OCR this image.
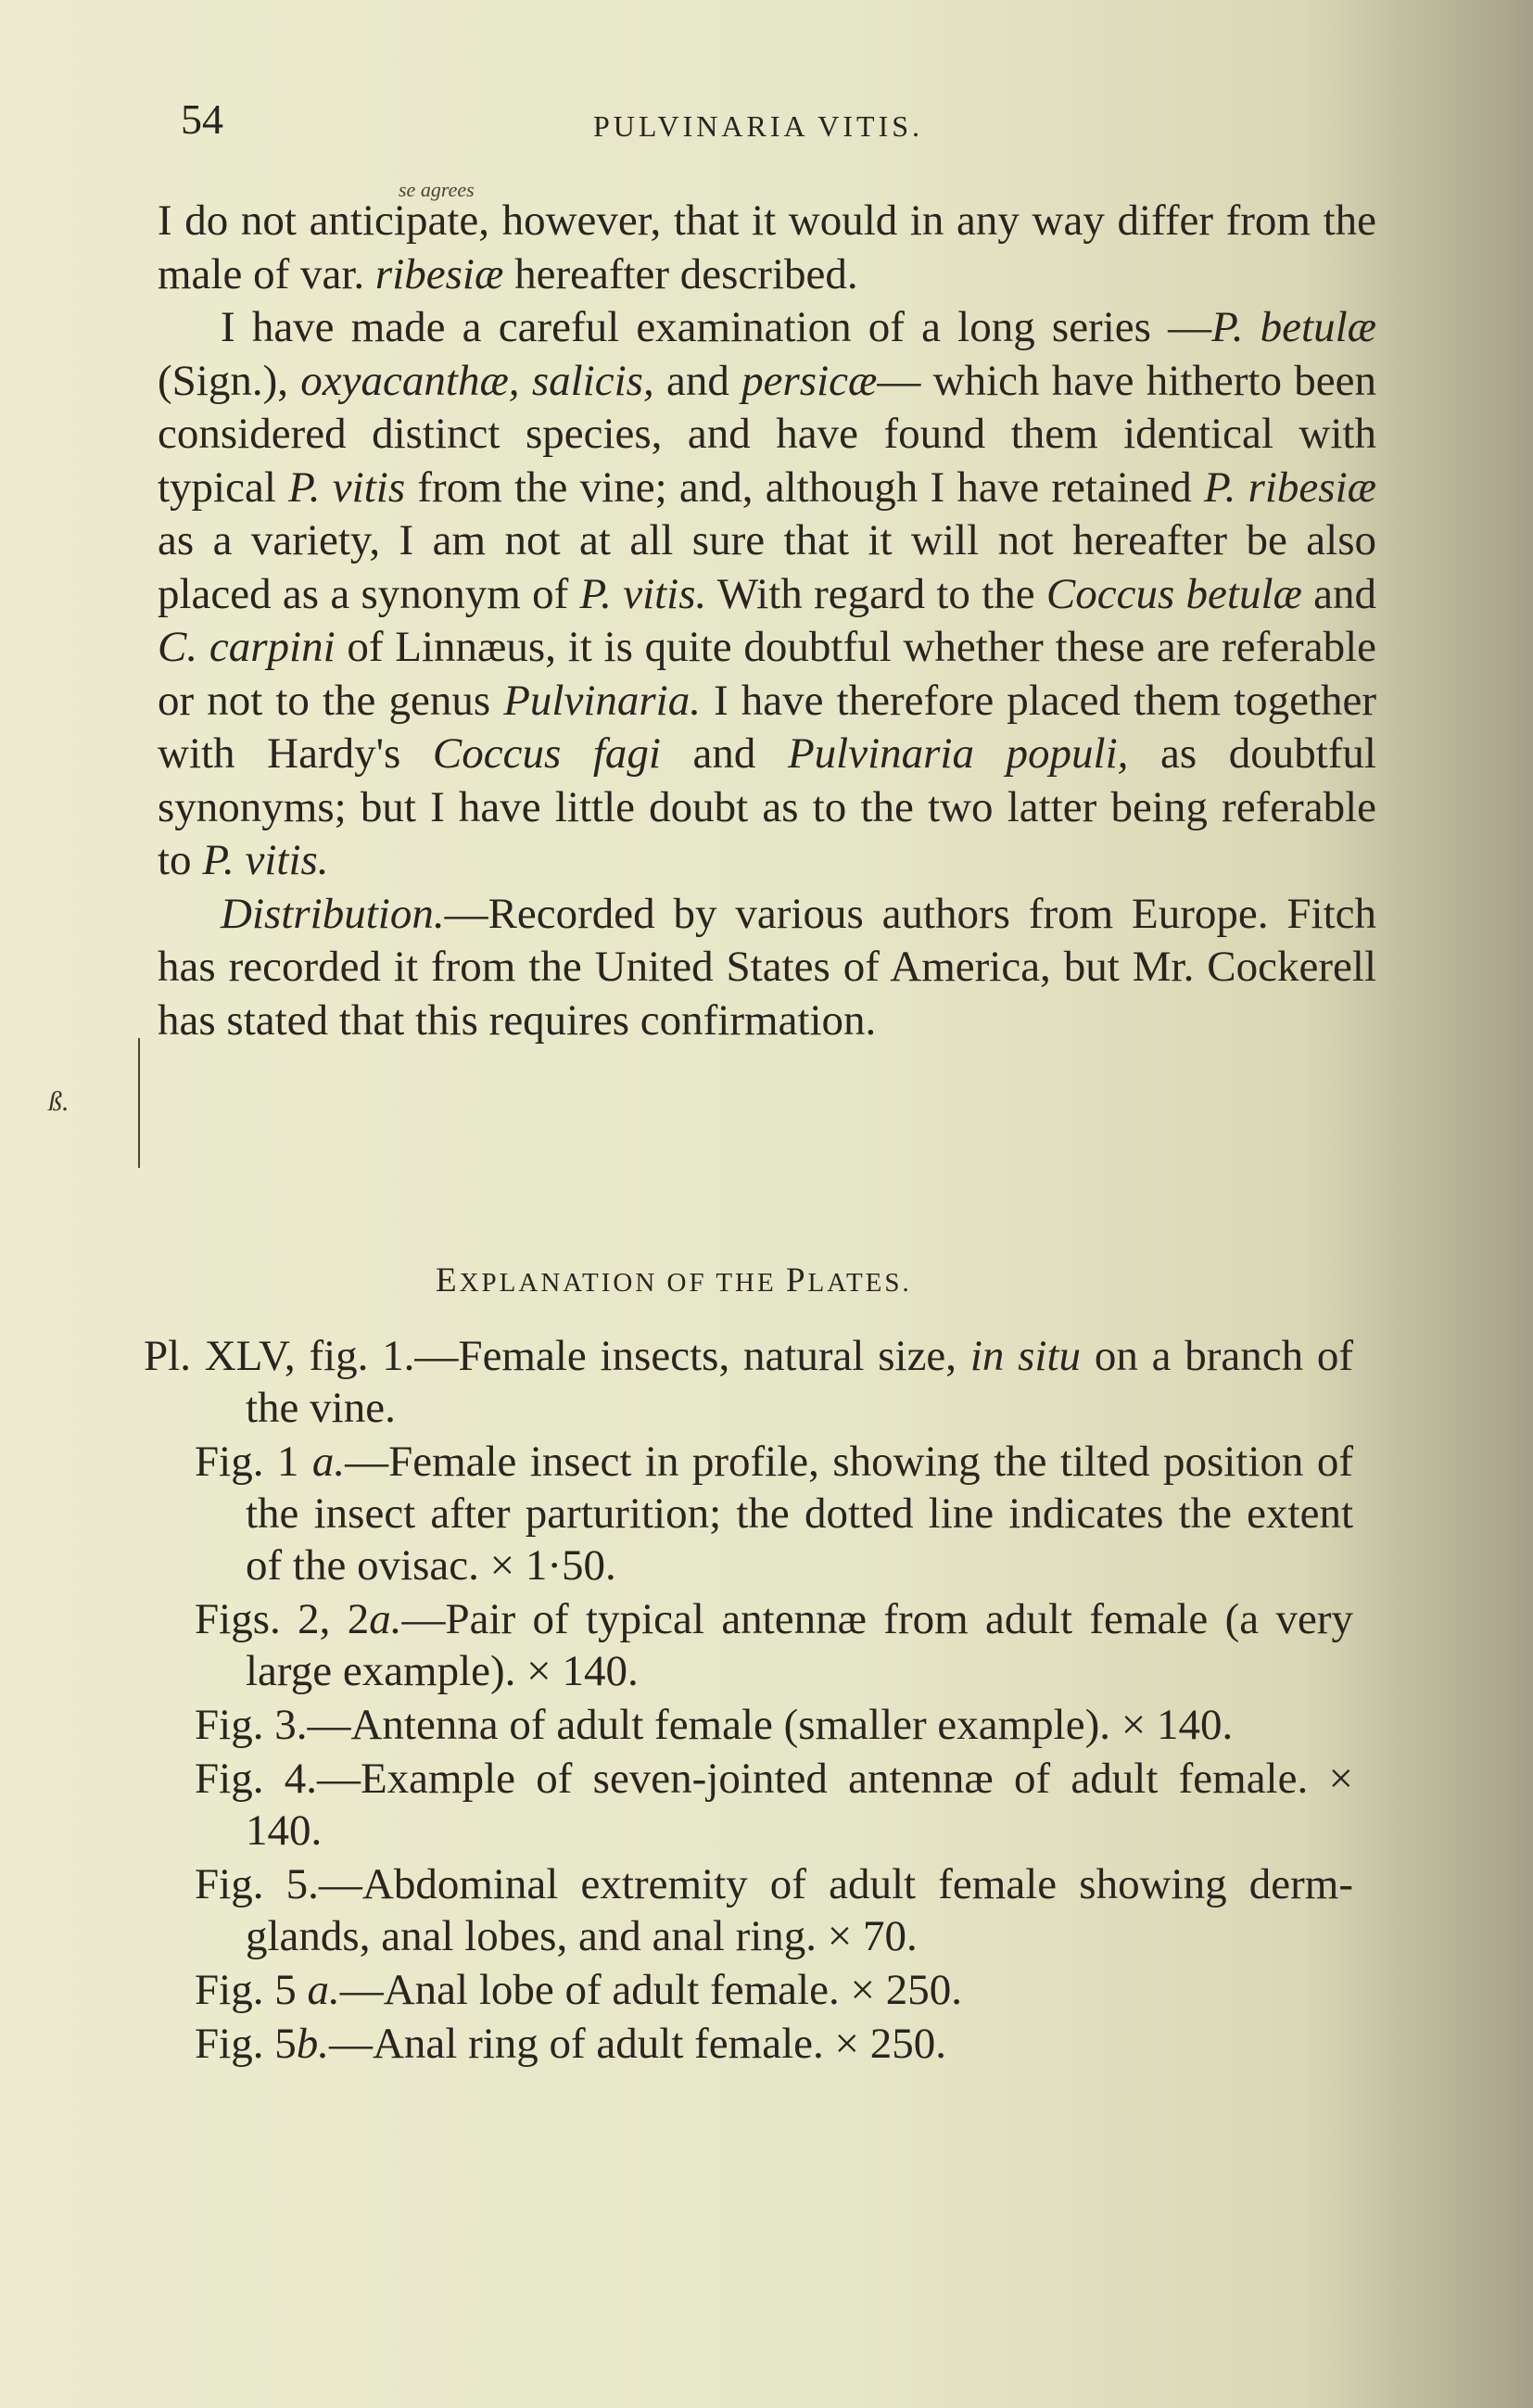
54	PULVINARIA VITIS.
se agrees

I do not anticipate, however, that it would in any way differ from the male of var. ribesiæ hereafter described.

I have made a careful examination of a long series —P. betulæ (Sign.), oxyacanthæ, salicis, and persicæ— which have hitherto been considered distinct species, and have found them identical with typical P. vitis from the vine; and, although I have retained P. ribesiæ as a variety, I am not at all sure that it will not hereafter be also placed as a synonym of P. vitis. With regard to the Coccus betulæ and C. carpini of Linnæus, it is quite doubtful whether these are referable or not to the genus Pulvinaria. I have therefore placed them together with Hardy's Coccus fagi and Pulvinaria populi, as doubtful synonyms; but I have little doubt as to the two latter being referable to P. vitis.

Distribution.—Recorded by various authors from Europe. Fitch has recorded it from the United States of America, but Mr. Cockerell has stated that this requires confirmation.

ß.
EXPLANATION OF THE PLATES.

Pl. XLV, fig. 1.—Female insects, natural size, in situ on a branch of the vine.

Fig. 1 a.—Female insect in profile, showing the tilted position of the insect after parturition; the dotted line indicates the extent of the ovisac. × 1·50.

Figs. 2, 2a.—Pair of typical antennæ from adult female (a very large example). × 140.

Fig. 3.—Antenna of adult female (smaller example). × 140.

Fig. 4.—Example of seven-jointed antennæ of adult female. × 140.

Fig. 5.—Abdominal extremity of adult female showing derm-glands, anal lobes, and anal ring. × 70.

Fig. 5 a.—Anal lobe of adult female. × 250.

Fig. 5b.—Anal ring of adult female. × 250.
